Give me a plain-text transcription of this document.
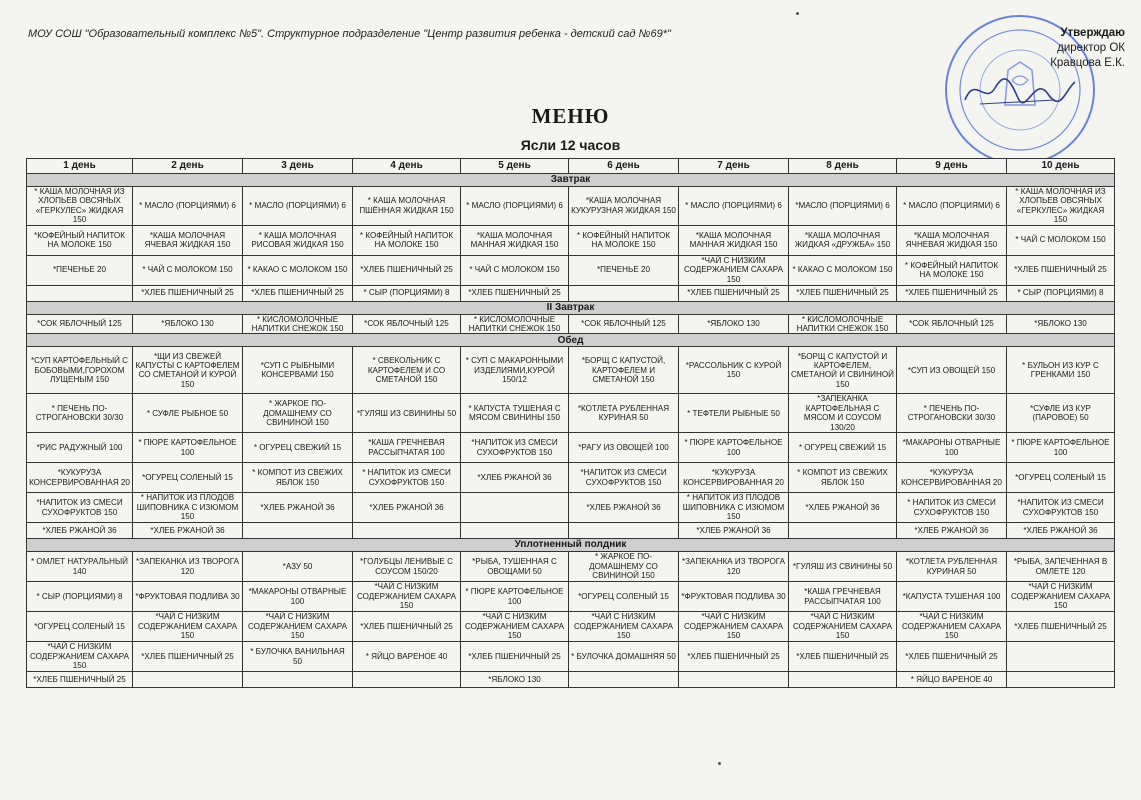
МОУ СОШ "Образовательный комплекс №5". Структурное подразделение "Центр развития ребенка - детский сад №69*"	Утверждаю
директор ОК
Кравцова Е.К.
МЕНЮ
Ясли 12 часов
1 день	2 день	3 день	4 день	5 день	6 день	7 день	8 день	9 день	10 день
Завтрак									
* КАША МОЛОЧНАЯ ИЗ ХЛОПЬЕВ ОВСЯНЫХ «ГЕРКУЛЕС» ЖИДКАЯ 150	* МАСЛО (ПОРЦИЯМИ) 6	* МАСЛО (ПОРЦИЯМИ) 6	* КАША МОЛОЧНАЯ ПШЁННАЯ ЖИДКАЯ 150	* МАСЛО (ПОРЦИЯМИ) 6	*КАША МОЛОЧНАЯ КУКУРУЗНАЯ ЖИДКАЯ 150	* МАСЛО (ПОРЦИЯМИ) 6	*МАСЛО (ПОРЦИЯМИ) 6	* МАСЛО (ПОРЦИЯМИ) 6	* КАША МОЛОЧНАЯ ИЗ ХЛОПЬЕВ ОВСЯНЫХ «ГЕРКУЛЕС» ЖИДКАЯ 150
*КОФЕЙНЫЙ НАПИТОК НА МОЛОКЕ 150	*КАША МОЛОЧНАЯ ЯЧЕВАЯ ЖИДКАЯ 150	* КАША МОЛОЧНАЯ РИСОВАЯ ЖИДКАЯ 150	* КОФЕЙНЫЙ НАПИТОК НА МОЛОКЕ 150	*КАША МОЛОЧНАЯ МАННАЯ ЖИДКАЯ 150	* КОФЕЙНЫЙ НАПИТОК НА МОЛОКЕ 150	*КАША МОЛОЧНАЯ МАННАЯ ЖИДКАЯ 150	*КАША МОЛОЧНАЯ ЖИДКАЯ «ДРУЖБА» 150	*КАША МОЛОЧНАЯ ЯЧНЕВАЯ ЖИДКАЯ 150	* ЧАЙ С МОЛОКОМ 150
*ПЕЧЕНЬЕ 20	* ЧАЙ С МОЛОКОМ 150	* КАКАО С МОЛОКОМ 150	*ХЛЕБ ПШЕНИЧНЫЙ 25	* ЧАЙ С МОЛОКОМ 150	*ПЕЧЕНЬЕ 20	*ЧАЙ С НИЗКИМ СОДЕРЖАНИЕМ САХАРА 150	* КАКАО С МОЛОКОМ 150	* КОФЕЙНЫЙ НАПИТОК НА МОЛОКЕ 150	*ХЛЕБ ПШЕНИЧНЫЙ 25
	*ХЛЕБ ПШЕНИЧНЫЙ 25	*ХЛЕБ ПШЕНИЧНЫЙ 25	* СЫР (ПОРЦИЯМИ) 8	*ХЛЕБ ПШЕНИЧНЫЙ 25		*ХЛЕБ ПШЕНИЧНЫЙ 25	*ХЛЕБ ПШЕНИЧНЫЙ 25	*ХЛЕБ ПШЕНИЧНЫЙ 25	* СЫР (ПОРЦИЯМИ) 8
II Завтрак									
*СОК ЯБЛОЧНЫЙ 125	*ЯБЛОКО 130	* КИСЛОМОЛОЧНЫЕ НАПИТКИ СНЕЖОК 150	*СОК ЯБЛОЧНЫЙ 125	* КИСЛОМОЛОЧНЫЕ НАПИТКИ СНЕЖОК 150	*СОК ЯБЛОЧНЫЙ 125	*ЯБЛОКО 130	* КИСЛОМОЛОЧНЫЕ НАПИТКИ СНЕЖОК 150	*СОК ЯБЛОЧНЫЙ 125	*ЯБЛОКО 130
Обед									
*СУП КАРТОФЕЛЬНЫЙ С БОБОВЫМИ,ГОРОХОМ ЛУЩЕНЫМ 150	*ЩИ ИЗ СВЕЖЕЙ КАПУСТЫ С КАРТОФЕЛЕМ СО СМЕТАНОЙ И КУРОЙ 150	*СУП С РЫБНЫМИ КОНСЕРВАМИ 150	* СВЕКОЛЬНИК С КАРТОФЕЛЕМ И СО СМЕТАНОЙ 150	* СУП С МАКАРОННЫМИ ИЗДЕЛИЯМИ,КУРОЙ 150/12	*БОРЩ С КАПУСТОЙ, КАРТОФЕЛЕМ И СМЕТАНОЙ 150	*РАССОЛЬНИК С КУРОЙ 150	*БОРЩ С КАПУСТОЙ И КАРТОФЕЛЕМ, СМЕТАНОЙ И СВИНИНОЙ 150	*СУП ИЗ ОВОЩЕЙ 150	* БУЛЬОН ИЗ КУР С ГРЕНКАМИ 150
* ПЕЧЕНЬ ПО-СТРОГАНОВСКИ 30/30	* СУФЛЕ РЫБНОЕ 50	* ЖАРКОЕ ПО-ДОМАШНЕМУ СО СВИНИНОЙ 150	*ГУЛЯШ ИЗ СВИНИНЫ 50	* КАПУСТА ТУШЕНАЯ С МЯСОМ СВИНИНЫ 150	*КОТЛЕТА РУБЛЕННАЯ КУРИНАЯ 50	* ТЕФТЕЛИ РЫБНЫЕ 50	*ЗАПЕКАНКА КАРТОФЕЛЬНАЯ С МЯСОМ И СОУСОМ 130/20	* ПЕЧЕНЬ ПО-СТРОГАНОВСКИ 30/30	*СУФЛЕ ИЗ КУР (ПАРОВОЕ) 50
*РИС РАДУЖНЫЙ 100	* ПЮРЕ КАРТОФЕЛЬНОЕ 100	* ОГУРЕЦ СВЕЖИЙ 15	*КАША ГРЕЧНЕВАЯ РАССЫПЧАТАЯ 100	*НАПИТОК ИЗ СМЕСИ СУХОФРУКТОВ 150	*РАГУ ИЗ ОВОЩЕЙ 100	* ПЮРЕ КАРТОФЕЛЬНОЕ 100	* ОГУРЕЦ СВЕЖИЙ 15	*МАКАРОНЫ ОТВАРНЫЕ 100	* ПЮРЕ КАРТОФЕЛЬНОЕ 100
*КУКУРУЗА КОНСЕРВИРОВАННАЯ 20	*ОГУРЕЦ СОЛЕНЫЙ 15	* КОМПОТ ИЗ СВЕЖИХ ЯБЛОК 150	* НАПИТОК ИЗ СМЕСИ СУХОФРУКТОВ 150	*ХЛЕБ РЖАНОЙ 36	*НАПИТОК ИЗ СМЕСИ СУХОФРУКТОВ 150	*КУКУРУЗА КОНСЕРВИРОВАННАЯ 20	* КОМПОТ ИЗ СВЕЖИХ ЯБЛОК 150	*КУКУРУЗА КОНСЕРВИРОВАННАЯ 20	*ОГУРЕЦ СОЛЕНЫЙ 15
*НАПИТОК ИЗ СМЕСИ СУХОФРУКТОВ 150	* НАПИТОК ИЗ ПЛОДОВ ШИПОВНИКА С ИЗЮМОМ 150	*ХЛЕБ РЖАНОЙ 36	*ХЛЕБ РЖАНОЙ 36		*ХЛЕБ РЖАНОЙ 36	* НАПИТОК ИЗ ПЛОДОВ ШИПОВНИКА С ИЗЮМОМ 150	*ХЛЕБ РЖАНОЙ 36	* НАПИТОК ИЗ СМЕСИ СУХОФРУКТОВ 150	*НАПИТОК ИЗ СМЕСИ СУХОФРУКТОВ 150
*ХЛЕБ РЖАНОЙ 36	*ХЛЕБ РЖАНОЙ 36					*ХЛЕБ РЖАНОЙ 36		*ХЛЕБ РЖАНОЙ 36	*ХЛЕБ РЖАНОЙ 36
Уплотненный полдник									
* ОМЛЕТ НАТУРАЛЬНЫЙ 140	*ЗАПЕКАНКА ИЗ ТВОРОГА 120	*АЗУ 50	*ГОЛУБЦЫ ЛЕНИВЫЕ С СОУСОМ 150/20	*РЫБА, ТУШЕННАЯ С ОВОЩАМИ 50	* ЖАРКОЕ ПО-ДОМАШНЕМУ СО СВИНИНОЙ 150	*ЗАПЕКАНКА ИЗ ТВОРОГА 120	*ГУЛЯШ ИЗ СВИНИНЫ 50	*КОТЛЕТА РУБЛЕННАЯ КУРИНАЯ 50	*РЫБА, ЗАПЕЧЕННАЯ В ОМЛЕТЕ 120
* СЫР (ПОРЦИЯМИ) 8	*ФРУКТОВАЯ ПОДЛИВА 30	*МАКАРОНЫ ОТВАРНЫЕ 100	*ЧАЙ С НИЗКИМ СОДЕРЖАНИЕМ САХАРА 150	* ПЮРЕ КАРТОФЕЛЬНОЕ 100	*ОГУРЕЦ СОЛЕНЫЙ 15	*ФРУКТОВАЯ ПОДЛИВА 30	*КАША ГРЕЧНЕВАЯ РАССЫПЧАТАЯ 100	*КАПУСТА ТУШЕНАЯ 100	*ЧАЙ С НИЗКИМ СОДЕРЖАНИЕМ САХАРА 150
*ОГУРЕЦ СОЛЕНЫЙ 15	*ЧАЙ С НИЗКИМ СОДЕРЖАНИЕМ САХАРА 150	*ЧАЙ С НИЗКИМ СОДЕРЖАНИЕМ САХАРА 150	*ХЛЕБ ПШЕНИЧНЫЙ 25	*ЧАЙ С НИЗКИМ СОДЕРЖАНИЕМ САХАРА 150	*ЧАЙ С НИЗКИМ СОДЕРЖАНИЕМ САХАРА 150	*ЧАЙ С НИЗКИМ СОДЕРЖАНИЕМ САХАРА 150	*ЧАЙ С НИЗКИМ СОДЕРЖАНИЕМ САХАРА 150	*ЧАЙ С НИЗКИМ СОДЕРЖАНИЕМ САХАРА 150	*ХЛЕБ ПШЕНИЧНЫЙ 25
*ЧАЙ С НИЗКИМ СОДЕРЖАНИЕМ САХАРА 150	*ХЛЕБ ПШЕНИЧНЫЙ 25	* БУЛОЧКА ВАНИЛЬНАЯ 50	* ЯЙЦО ВАРЕНОЕ 40	*ХЛЕБ ПШЕНИЧНЫЙ 25	* БУЛОЧКА ДОМАШНЯЯ 50	*ХЛЕБ ПШЕНИЧНЫЙ 25	*ХЛЕБ ПШЕНИЧНЫЙ 25	*ХЛЕБ ПШЕНИЧНЫЙ 25	
*ХЛЕБ ПШЕНИЧНЫЙ 25				*ЯБЛОКО 130				* ЯЙЦО ВАРЕНОЕ 40	
